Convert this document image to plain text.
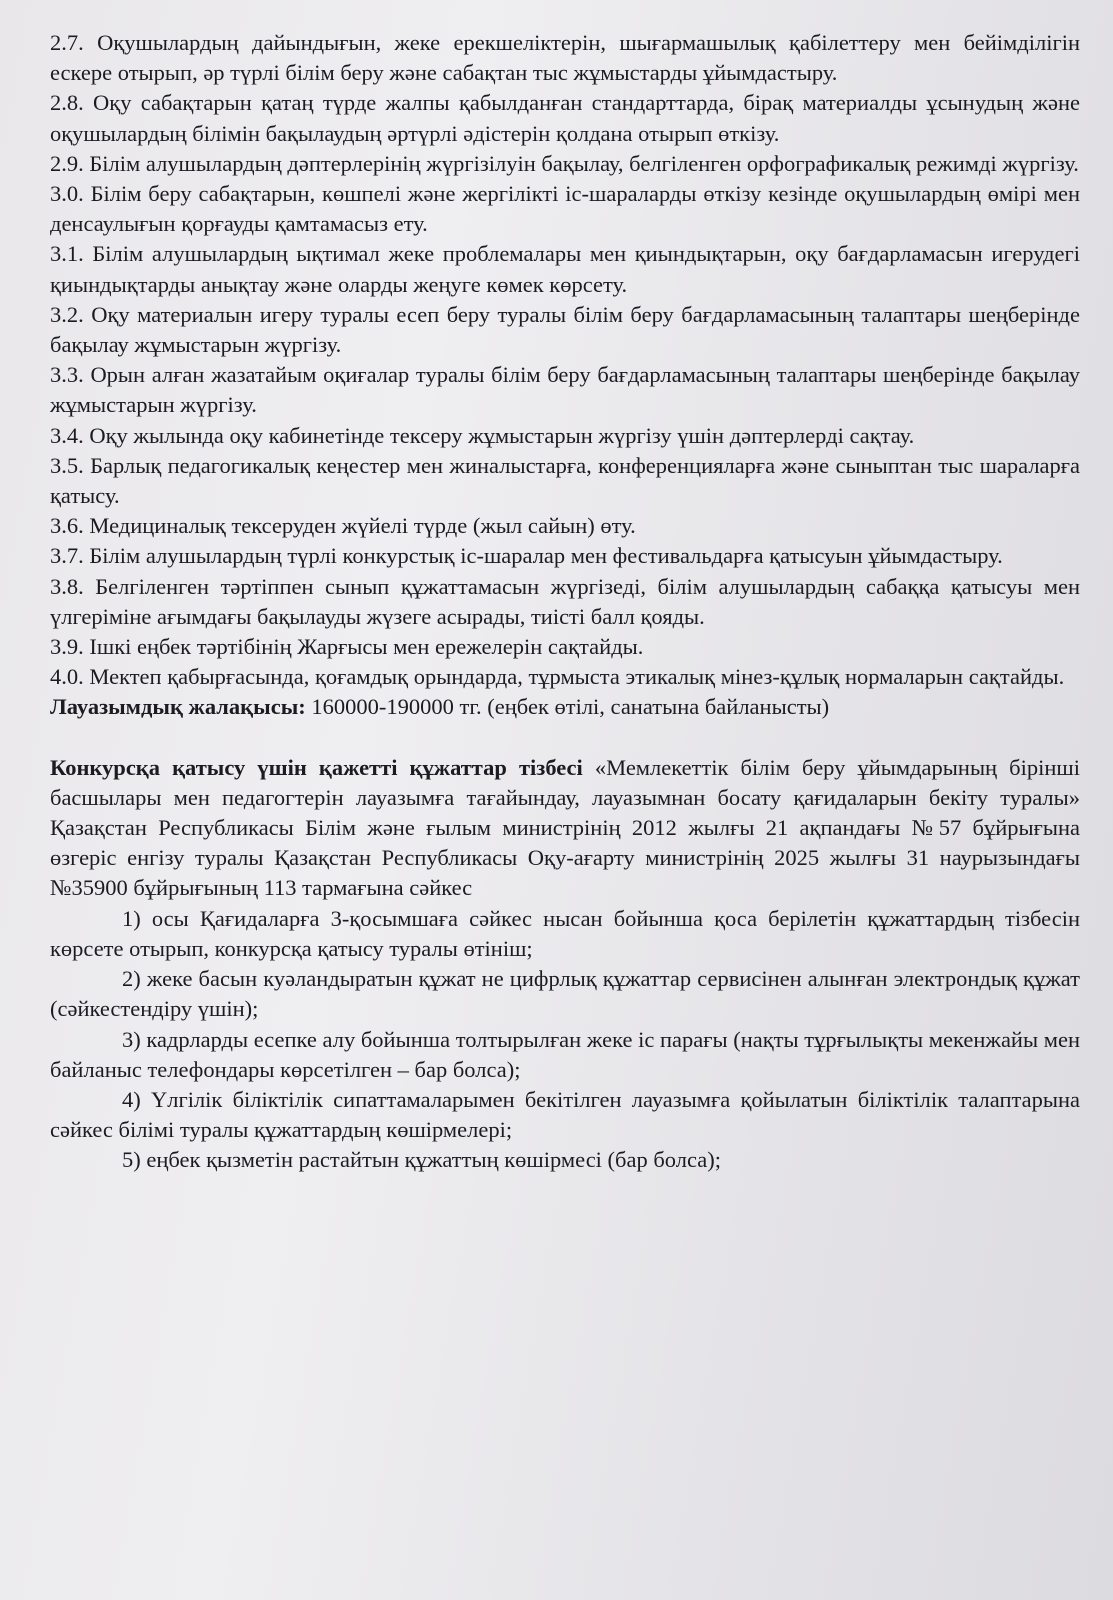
2.7. Оқушылардың дайындығын, жеке ерекшеліктерін, шығармашылық қабілеттеру мен бейімділігін ескере отырып, әр түрлі білім беру және сабақтан тыс жұмыстарды ұйымдастыру.

2.8. Оқу сабақтарын қатаң түрде жалпы қабылданған стандарттарда, бірақ материалды ұсынудың және оқушылардың білімін бақылаудың әртүрлі әдістерін қолдана отырып өткізу.

2.9. Білім алушылардың дәптерлерінің жүргізілуін бақылау, белгіленген орфографикалық режимді жүргізу.

3.0. Білім беру сабақтарын, көшпелі және жергілікті іс-шараларды өткізу кезінде оқушылардың өмірі мен денсаулығын қорғауды қамтамасыз ету.

3.1. Білім алушылардың ықтимал жеке проблемалары мен қиындықтарын, оқу бағдарламасын игерудегі қиындықтарды анықтау және оларды жеңуге көмек көрсету.

3.2. Оқу материалын игеру туралы есеп беру туралы білім беру бағдарламасының талаптары шеңберінде бақылау жұмыстарын жүргізу.

3.3. Орын алған жазатайым оқиғалар туралы білім беру бағдарламасының талаптары шеңберінде бақылау жұмыстарын жүргізу.

3.4. Оқу жылында оқу кабинетінде тексеру жұмыстарын жүргізу үшін дәптерлерді сақтау.

3.5. Барлық педагогикалық кеңестер мен жиналыстарға, конференцияларға және сыныптан тыс шараларға қатысу.

3.6. Медициналық тексеруден жүйелі түрде (жыл сайын) өту.

3.7. Білім алушылардың түрлі конкурстық іс-шаралар мен фестивальдарға қатысуын ұйымдастыру.

3.8. Белгіленген тәртіппен сынып құжаттамасын жүргізеді, білім алушылардың сабаққа қатысуы мен үлгеріміне ағымдағы бақылауды жүзеге асырады, тиісті балл қояды.

3.9. Ішкі еңбек тәртібінің Жарғысы мен ережелерін сақтайды.

4.0. Мектеп қабырғасында, қоғамдық орындарда, тұрмыста этикалық мінез-құлық нормаларын сақтайды.

Лауазымдық жалақысы: 160000-190000 тг. (еңбек өтілі, санатына байланысты)

Конкурсқа қатысу үшін қажетті құжаттар тізбесі «Мемлекеттік білім беру ұйымдарының бірінші басшылары мен педагогтерін лауазымға тағайындау, лауазымнан босату қағидаларын бекіту туралы» Қазақстан Республикасы Білім және ғылым министрінің 2012 жылғы 21 ақпандағы №57 бұйрығына өзгеріс енгізу туралы Қазақстан Республикасы Оқу-ағарту министрінің 2025 жылғы 31 наурызындағы №35900 бұйрығының 113 тармағына сәйкес

1) осы Қағидаларға 3-қосымшаға сәйкес нысан бойынша қоса берілетін құжаттардың тізбесін көрсете отырып, конкурсқа қатысу туралы өтініш;

2) жеке басын куәландыратын құжат не цифрлық құжаттар сервисінен алынған электрондық құжат (сәйкестендіру үшін);

3) кадрларды есепке алу бойынша толтырылған жеке іс парағы (нақты тұрғылықты мекенжайы мен байланыс телефондары көрсетілген – бар болса);

4) Үлгілік біліктілік сипаттамаларымен бекітілген лауазымға қойылатын біліктілік талаптарына сәйкес білімі туралы құжаттардың көшірмелері;

5) еңбек қызметін растайтын құжаттың көшірмесі (бар болса);
